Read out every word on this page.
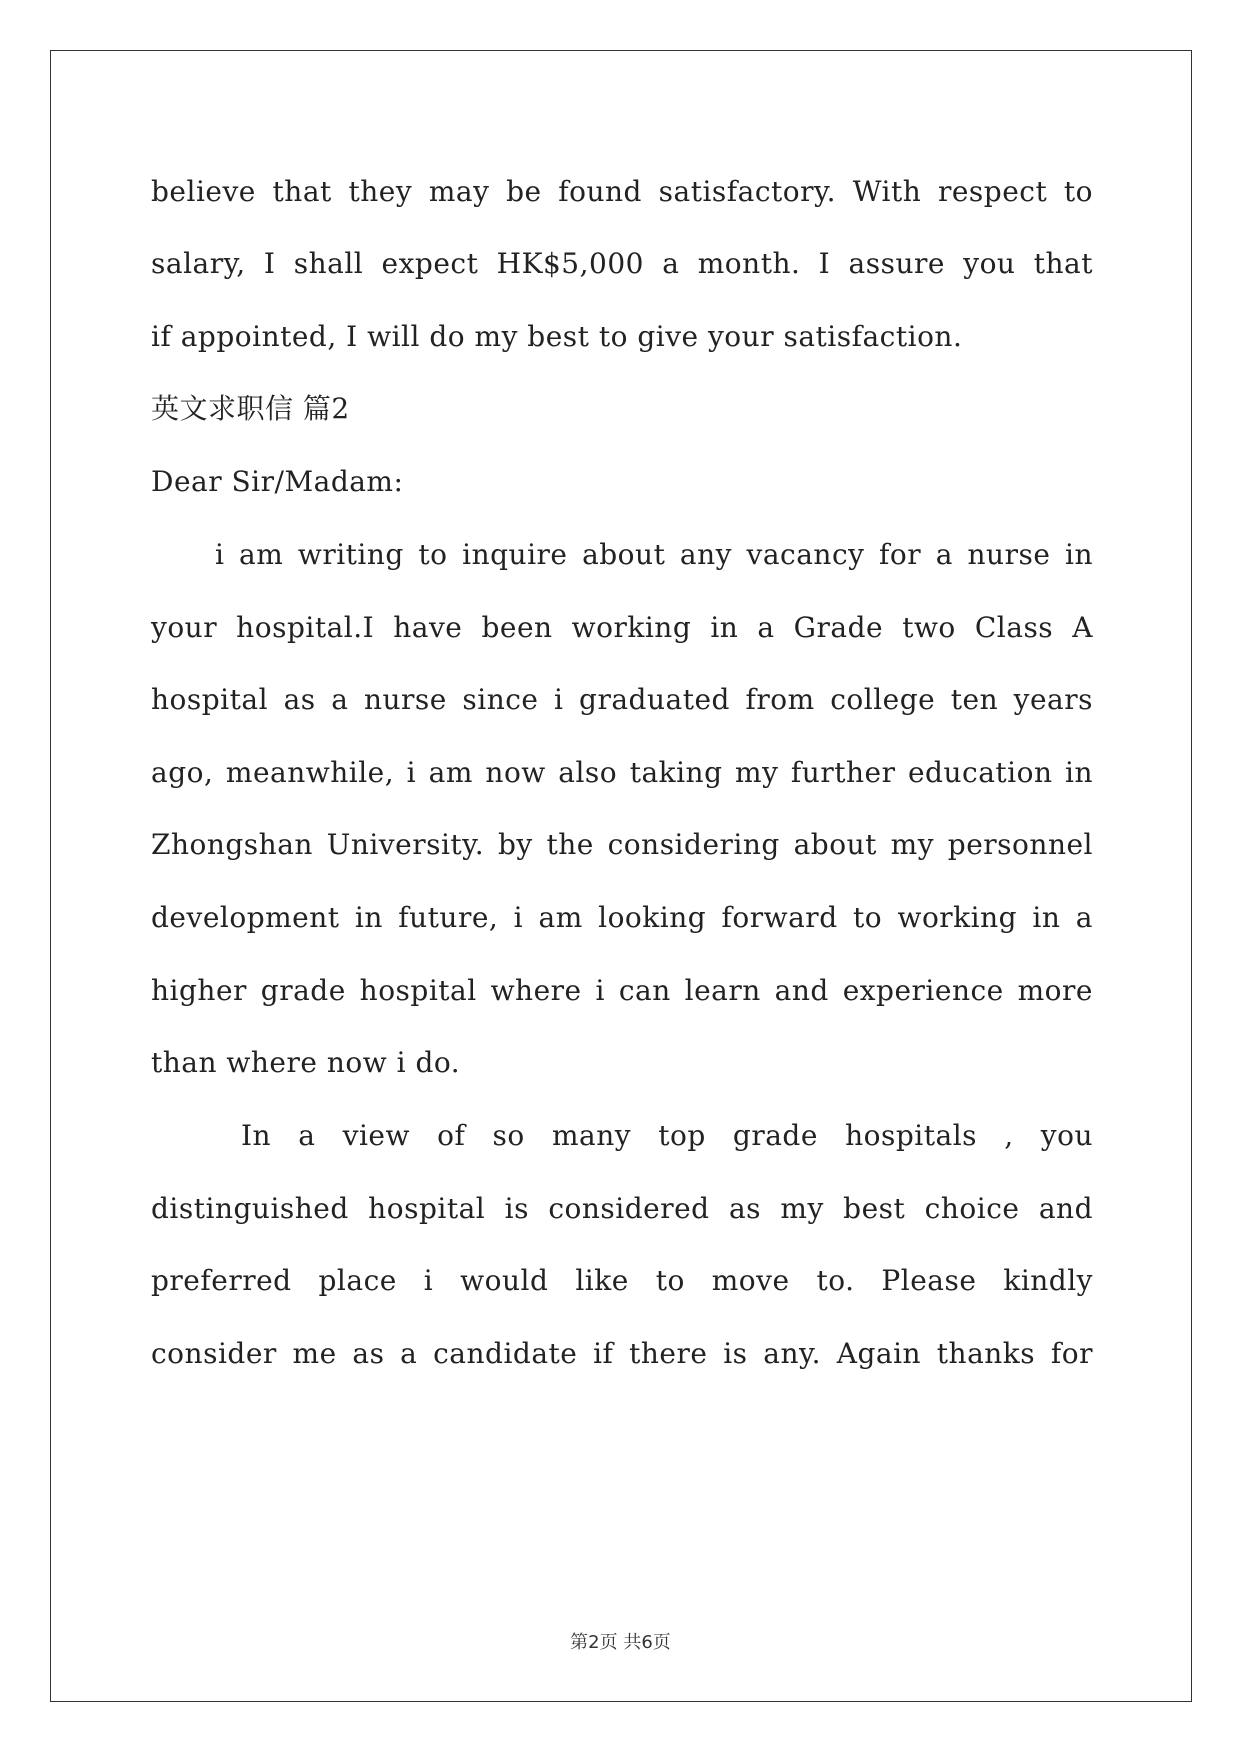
believe that they may be found satisfactory. With respect to
salary, I shall expect HK$5,000 a month. I assure you that
if appointed, I will do my best to give your satisfaction.
英文求职信 篇2
Dear Sir/Madam:
i am writing to inquire about any vacancy for a nurse in
your hospital.I have been working in a Grade two Class A
hospital as a nurse since i graduated from college ten years
ago, meanwhile, i am now also taking my further education in
Zhongshan University. by the considering about my personnel
development in future, i am looking forward to working in a
higher grade hospital where i can learn and experience more
than where now i do.
In a view of so many top grade hospitals , you
distinguished hospital is considered as my best choice and
preferred place i would like to move to. Please kindly
consider me as a candidate if there is any. Again thanks for
第2页 共6页
